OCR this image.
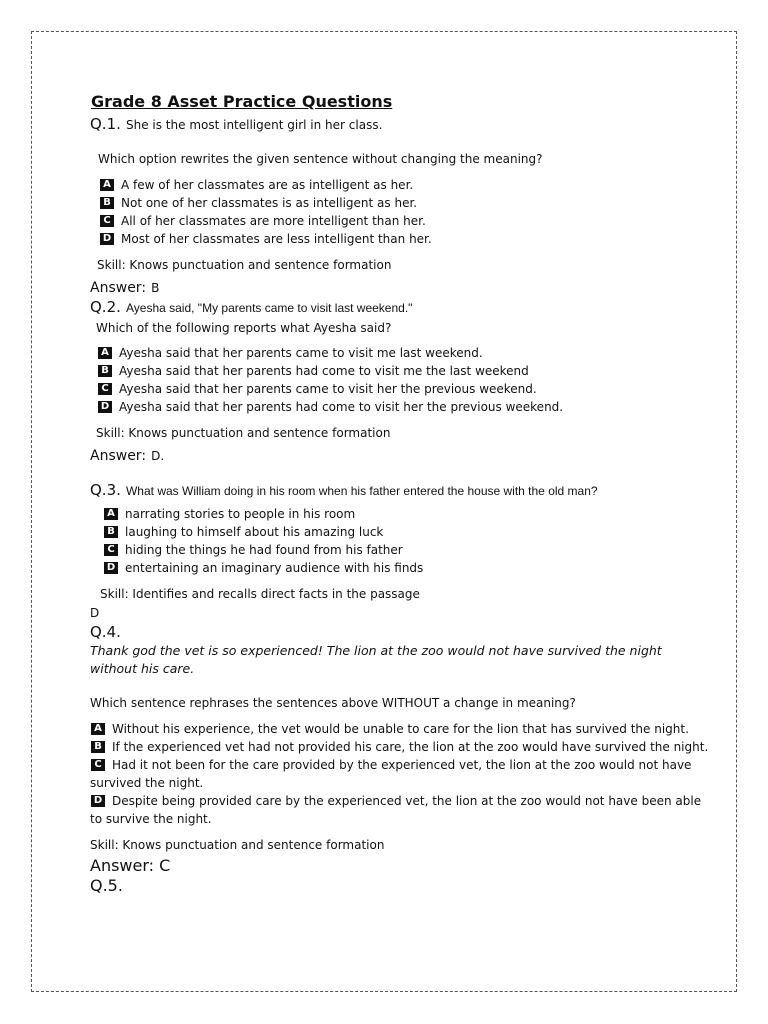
Grade 8 Asset Practice Questions
Q.1. She is the most intelligent girl in her class.
Which option rewrites the given sentence without changing the meaning?
A A few of her classmates are as intelligent as her.
B Not one of her classmates is as intelligent as her.
C All of her classmates are more intelligent than her.
D Most of her classmates are less intelligent than her.
Skill: Knows punctuation and sentence formation
Answer: B
Q.2. Ayesha said, "My parents came to visit last weekend."
Which of the following reports what Ayesha said?
A Ayesha said that her parents came to visit me last weekend.
B Ayesha said that her parents had come to visit me the last weekend
C Ayesha said that her parents came to visit her the previous weekend.
D Ayesha said that her parents had come to visit her the previous weekend.
Skill: Knows punctuation and sentence formation
Answer: D.
Q.3. What was William doing in his room when his father entered the house with the old man?
A narrating stories to people in his room
B laughing to himself about his amazing luck
C hiding the things he had found from his father
D entertaining an imaginary audience with his finds
Skill: Identifies and recalls direct facts in the passage
D
Q.4.
Thank god the vet is so experienced! The lion at the zoo would not have survived the night
without his care.
Which sentence rephrases the sentences above WITHOUT a change in meaning?
A Without his experience, the vet would be unable to care for the lion that has survived the night.
B If the experienced vet had not provided his care, the lion at the zoo would have survived the night.
C Had it not been for the care provided by the experienced vet, the lion at the zoo would not have
survived the night.
D Despite being provided care by the experienced vet, the lion at the zoo would not have been able
to survive the night.
Skill: Knows punctuation and sentence formation
Answer: C
Q.5.
